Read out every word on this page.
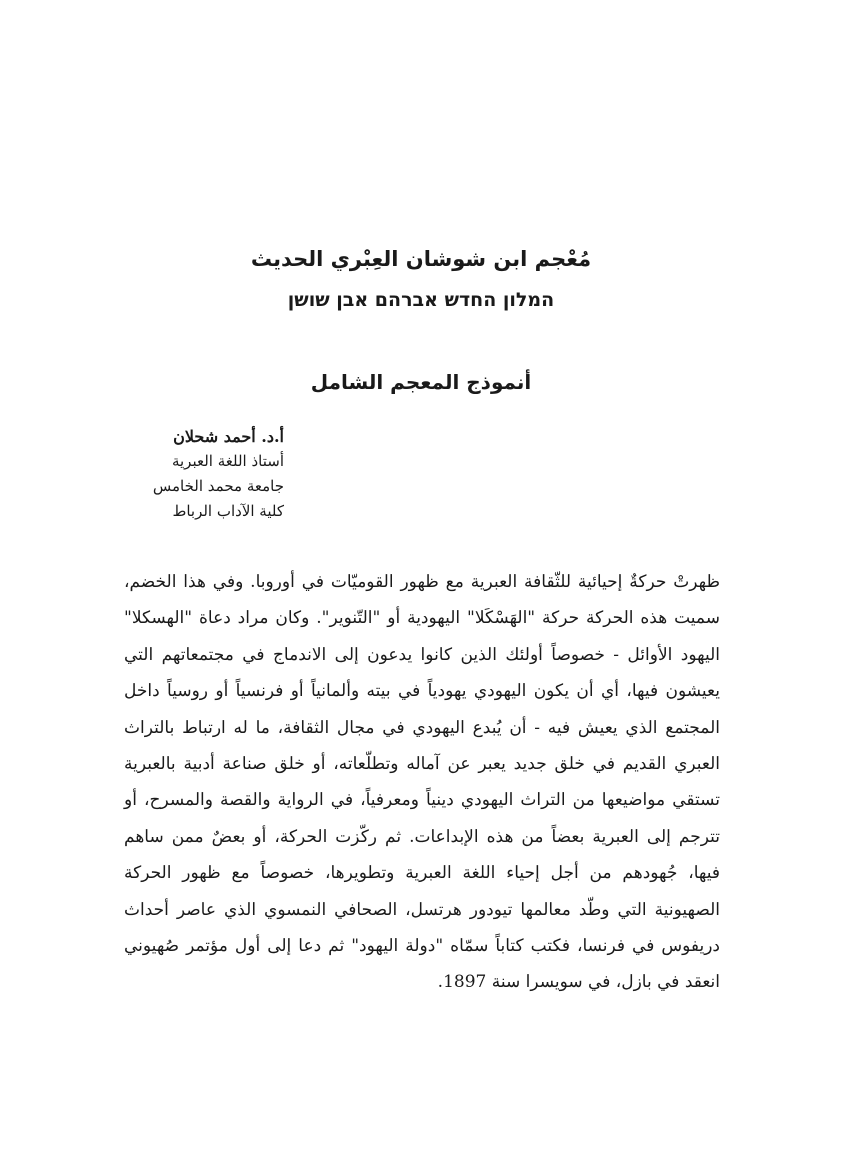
مُعْجم ابن شوشان العِبْري الحديث

המלון החדש אברהם אבן שושן

أنموذج المعجم الشامل

أ.د. أحمد شحلان
أستاذ اللغة العبرية
جامعة محمد الخامس
كلية الآداب الرباط

ظهرتْ حركةٌ إحيائية للثّقافة العبرية مع ظهور القوميّات في أوروبا. وفي هذا الخضم، سميت هذه الحركة حركة "الهَسْكَلا" اليهودية أو "التّنوير". وكان مراد دعاة "الهسكلا" اليهود الأوائل - خصوصاً أولئك الذين كانوا يدعون إلى الاندماج في مجتمعاتهم التي يعيشون فيها، أي أن يكون اليهودي يهودياً في بيته وألمانياً أو فرنسياً أو روسياً داخل المجتمع الذي يعيش فيه - أن يُبدع اليهودي في مجال الثقافة، ما له ارتباط بالتراث العبري القديم في خلق جديد يعبر عن آماله وتطلّعاته، أو خلق صناعة أدبية بالعبرية تستقي مواضيعها من التراث اليهودي دينياً ومعرفياً، في الرواية والقصة والمسرح، أو تترجم إلى العبرية بعضاً من هذه الإبداعات. ثم ركّزت الحركة، أو بعضٌ ممن ساهم فيها، جُهودهم من أجل إحياء اللغة العبرية وتطويرها، خصوصاً مع ظهور الحركة الصهيونية التي وطّد معالمها تيودور هرتسل، الصحافي النمسوي الذي عاصر أحداث دريفوس في فرنسا، فكتب كتاباً سمّاه "دولة اليهود" ثم دعا إلى أول مؤتمر صُهيوني انعقد في بازل، في سويسرا سنة 1897.
